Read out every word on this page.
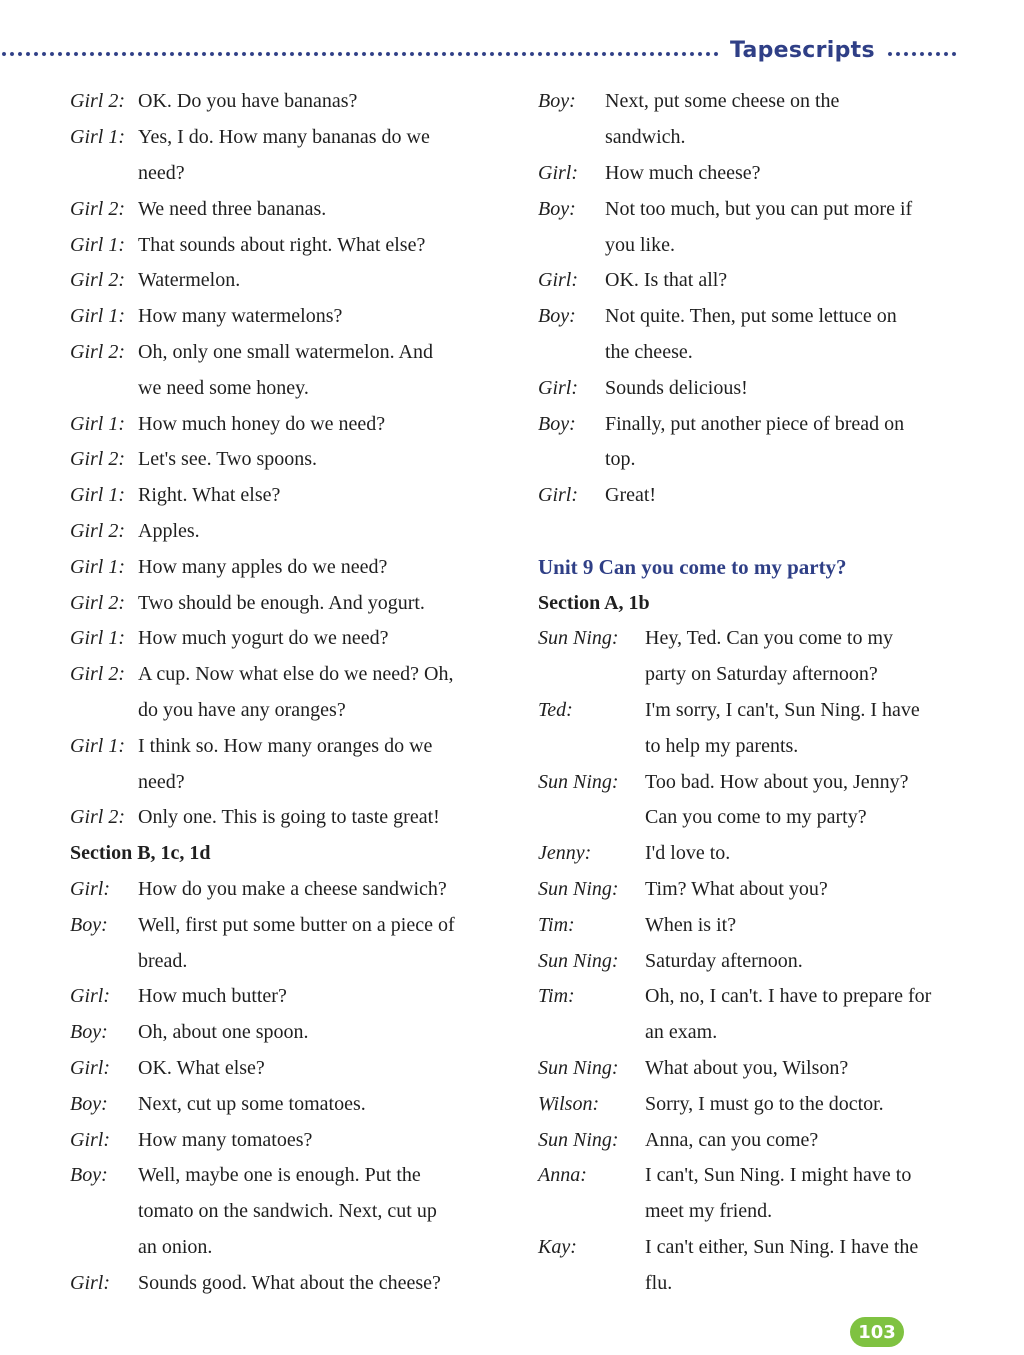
Tapescripts
Girl 2: OK. Do you have bananas?
Girl 1: Yes, I do. How many bananas do we
need?
Girl 2: We need three bananas.
Girl 1: That sounds about right. What else?
Girl 2: Watermelon.
Girl 1: How many watermelons?
Girl 2: Oh, only one small watermelon. And
we need some honey.
Girl 1: How much honey do we need?
Girl 2: Let's see. Two spoons.
Girl 1: Right. What else?
Girl 2: Apples.
Girl 1: How many apples do we need?
Girl 2: Two should be enough. And yogurt.
Girl 1: How much yogurt do we need?
Girl 2: A cup. Now what else do we need? Oh,
do you have any oranges?
Girl 1: I think so. How many oranges do we
need?
Girl 2: Only one. This is going to taste great!
Section B, 1c, 1d
Girl:	How do you make a cheese sandwich?
Boy:	Well, first put some butter on a piece of
bread.
Girl:	How much butter?
Boy:	Oh, about one spoon.
Girl:	OK. What else?
Boy:	Next, cut up some tomatoes.
Girl:	How many tomatoes?
Boy:	Well, maybe one is enough. Put the
tomato on the sandwich. Next, cut up
an onion.
Girl:	Sounds good. What about the cheese?
Boy:	Next, put some cheese on the
sandwich.
Girl:	How much cheese?
Boy:	Not too much, but you can put more if
you like.
Girl:	OK. Is that all?
Boy:	Not quite. Then, put some lettuce on
the cheese.
Girl:	Sounds delicious!
Boy:	Finally, put another piece of bread on
top.
Girl:	Great!
Unit 9 Can you come to my party?
Section A, 1b
Sun Ning:	Hey, Ted. Can you come to my
party on Saturday afternoon?
Ted:	I'm sorry, I can't, Sun Ning. I have
to help my parents.
Sun Ning:	Too bad. How about you, Jenny?
Can you come to my party?
Jenny:	I'd love to.
Sun Ning:	Tim? What about you?
Tim:	When is it?
Sun Ning:	Saturday afternoon.
Tim:	Oh, no, I can't. I have to prepare for
an exam.
Sun Ning:	What about you, Wilson?
Wilson:	Sorry, I must go to the doctor.
Sun Ning:	Anna, can you come?
Anna:	I can't, Sun Ning. I might have to
meet my friend.
Kay:	I can't either, Sun Ning. I have the
flu.
103
